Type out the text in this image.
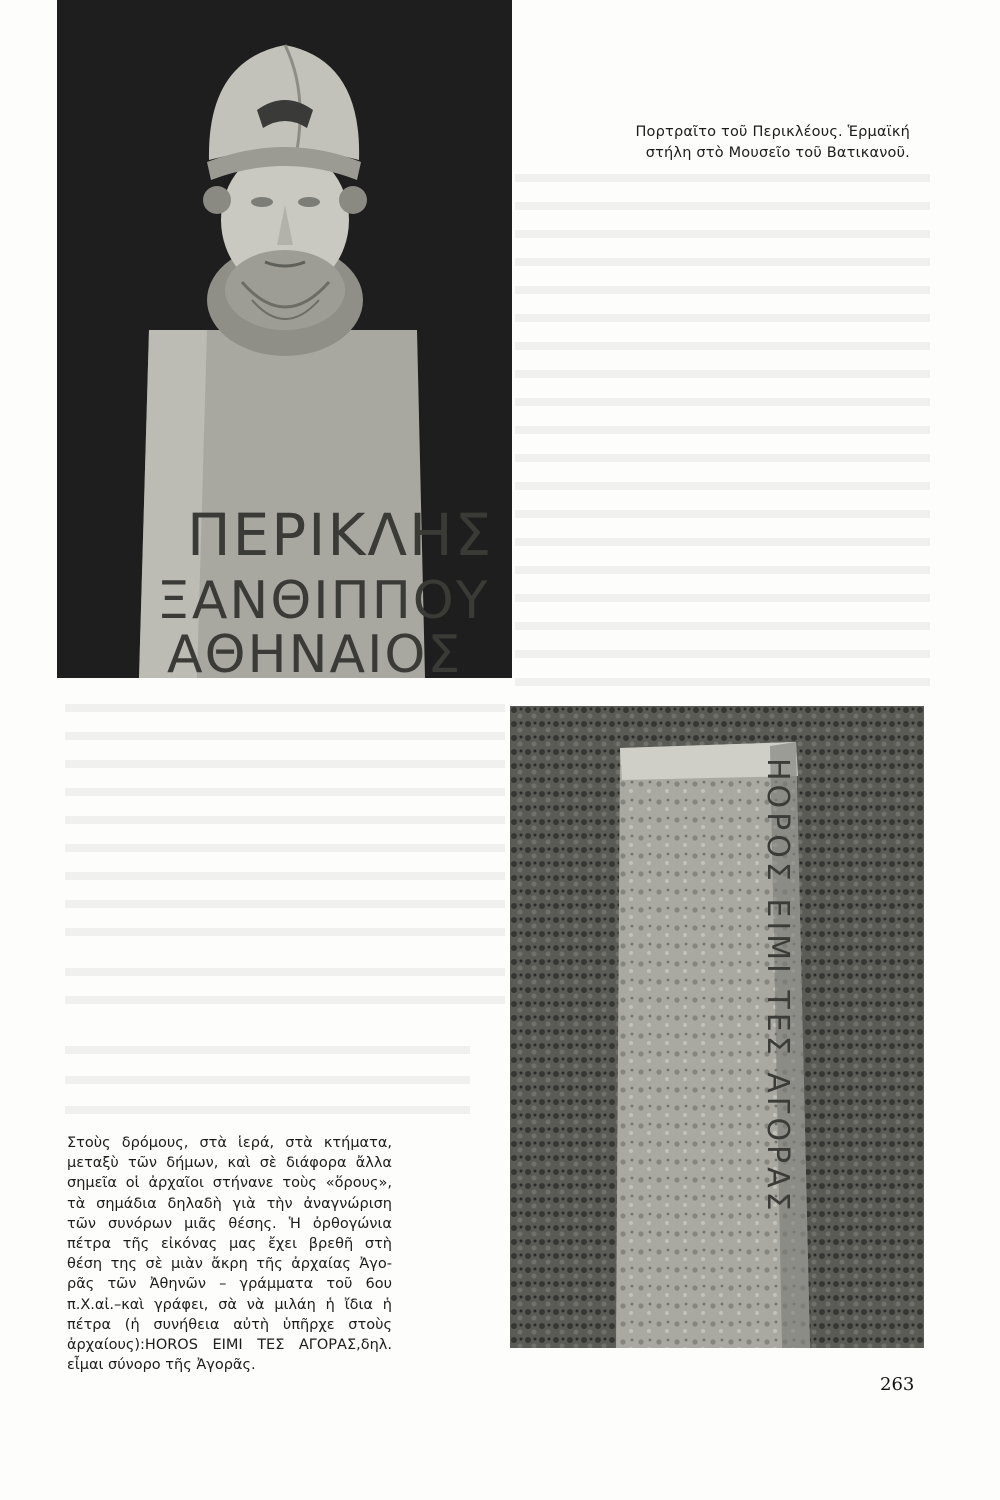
ΠΕΡΙΚΛΗΣ
ΞΑΝΘΙΠΠΟΥ
ΑΘΗΝΑΙΟΣ
Πορτραῖτο τοῦ Περικλέους. Ἑρμαϊκή
στήλη στὸ Μουσεῖο τοῦ Βατικανοῦ.
ΗΟΡΟΣ ΕΙΜΙ ΤΕΣ ΑΓΟΡΑΣ
Στοὺς δρόμους, στὰ ἱερά, στὰ κτήματα,
μεταξὺ τῶν δήμων, καὶ σὲ διάφορα ἄλλα
σημεῖα οἱ ἀρχαῖοι στήνανε τοὺς «ὅρους»,
τὰ σημάδια δηλαδὴ γιὰ τὴν ἀναγνώριση
τῶν συνόρων μιᾶς θέσης. Ἡ ὀρθογώνια
πέτρα τῆς εἰκόνας μας ἔχει βρεθῆ στὴ
θέση της σὲ μιὰν ἄκρη τῆς ἀρχαίας Ἀγο-
ρᾶς τῶν Ἀθηνῶν – γράμματα τοῦ 6ου
π.Χ.αἰ.–καὶ γράφει, σὰ νὰ μιλάη ἡ ἴδια ἡ
πέτρα (ἡ συνήθεια αὐτὴ ὑπῆρχε στοὺς
ἀρχαίους):HOROS EIMI ΤΕΣ ΑΓΟΡΑΣ,δηλ.
εἶμαι σύνορο τῆς Ἀγορᾶς.
263
